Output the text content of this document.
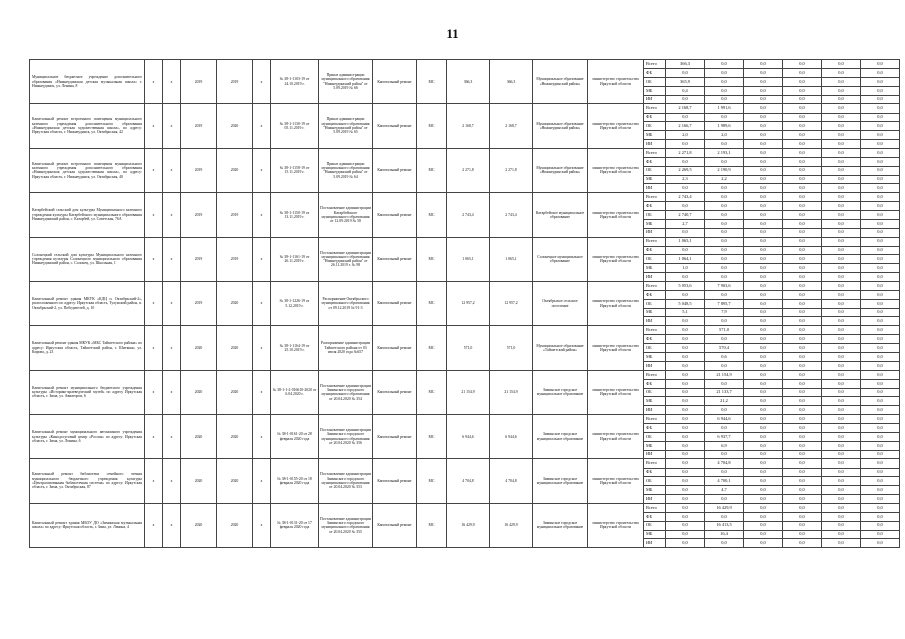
11
Муниципальное бюджетное учреждение дополнительного образования «Нижнеудинская детская музыкальная школа» г. Нижнеудинск, ул. Ленина, 8	х	х	2019	2019	х	№ 38-1-1103-19 от 24.10.2019 г.	Приказ администрации муниципального образования "Нижнеудинский район" от 5.09.2019 № 66	Капитальный ремонт	МС	366,3	366,3	Муниципальное образование «Нижнеудинский район»	министерство строительства Иркутской области	Всего	366,3	0,0	0,0	0,0	0,0	0,0
														ФБ	0,0	0,0	0,0	0,0	0,0	0,0
														ОБ	365,9	0,0	0,0	0,0	0,0	0,0
														МБ	0,4	0,0	0,0	0,0	0,0	0,0
														ИИ	0,0	0,0	0,0	0,0	0,0	0,0
Капитальный ремонт встроенного помещения муниципального казенного учреждения дополнительного образования «Нижнеудинская детская художественная школа», по адресу: Иркутская область, г. Нижнеудинск, ул. Октябрьская, 42	х	х	2019	2020	х	№ 38-1-1130-19 от 05.11.2019 г.	Приказ администрации муниципального образования "Нижнеудинский район" от 5.09.2019 № 65	Капитальный ремонт	МС	2 168,7	2 168,7	Муниципальное образование «Нижнеудинский район»	министерство строительства Иркутской области	Всего	2 168,7	1 991,6	0,0	0,0	0,0	0,0
														ФБ	0,0	0,0	0,0	0,0	0,0	0,0
														ОБ	2 166,7	1 989,6	0,0	0,0	0,0	0,0
														МБ	2,0	2,0	0,0	0,0	0,0	0,0
														ИИ	0,0	0,0	0,0	0,0	0,0	0,0
Капитальный ремонт встроенного помещения муниципального казенного учреждения дополнительного образования «Нижнеудинская детская художественная школа», по адресу: Иркутская область, г. Нижнеудинск, ул. Октябрьская, 40	х	х	2019	2020	х	№ 38-1-1158-19 от 15.11.2019 г.	Приказ администрации муниципального образования "Нижнеудинский район" от 5.09.2019 № 64	Капитальный ремонт	МС	2 271,8	2 271,8	Муниципальное образование «Нижнеудинский район»	министерство строительства Иркутской области	Всего	2 271,8	2 193,1	0,0	0,0	0,0	0,0
														ФБ	0,0	0,0	0,0	0,0	0,0	0,0
														ОБ	2 269,5	2 190,9	0,0	0,0	0,0	0,0
														МБ	2,3	2,2	0,0	0,0	0,0	0,0
														ИИ	0,0	0,0	0,0	0,0	0,0	0,0
Катарбейский сельский дом культуры Муниципального казенного учреждения культуры Катарбейского муниципального образования Нижнеудинский район, с. Катарбей, ул. Советская, 76А	х	х	2019	2019	х	№ 38-1-1150-19 от 13.11.2019 г.	Постановление администрации Катарбейского муниципального образования от 12.09.2019 № 58	Капитальный ремонт	МС	2 743,4	2 743,4	Катарбейское муниципальное образование	министерство строительства Иркутской области	Всего	2 743,4	0,0	0,0	0,0	0,0	0,0
														ФБ	0,0	0,0	0,0	0,0	0,0	0,0
														ОБ	2 740,7	0,0	0,0	0,0	0,0	0,0
														МБ	2,7	0,0	0,0	0,0	0,0	0,0
														ИИ	0,0	0,0	0,0	0,0	0,0	0,0
Солонецкий сельский дом культуры Муниципального казенного учреждения культуры Солонецкого муниципального образования Нижнеудинский район, с. Солонец, ул. Школьная, 1	х	х	2019	2019	х	№ 38-1-1161-19 от 26.11.2019 г.	Постановление администрации муниципального образования "Нижнеудинский район" от 26.11.2019 г. № 98	Капитальный ремонт	МС	1 065,1	1 065,1	Солонецкое муниципальное образование	министерство строительства Иркутской области	Всего	1 065,1	0,0	0,0	0,0	0,0	0,0
														ФБ	0,0	0,0	0,0	0,0	0,0	0,0
														ОБ	1 064,1	0,0	0,0	0,0	0,0	0,0
														МБ	1,0	0,0	0,0	0,0	0,0	0,0
														ИИ	0,0	0,0	0,0	0,0	0,0	0,0
Капитальный ремонт здания МКУК «КДЦ п. Октябрьский-2», расположенного по адресу: Иркутская область, Тулунский район, п. Октябрьский-2, ул. Победителей, д. 10	х	х	2019	2020	х	№ 38-1-1226-19 от 5.12.2019 г.	Распоряжение Октябрьского муниципального образования от 09.12.2019 № 91-3	Капитальный ремонт	МС	12 957,2	12 957,2	Октябрьское сельское поселение	министерство строительства Иркутской области	Всего	5 053,6	7 903,6	0,0	0,0	0,0	0,0
														ФБ	0,0	0,0	0,0	0,0	0,0	0,0
														ОБ	5 048,5	7 895,7	0,0	0,0	0,0	0,0
														МБ	5,1	7,9	0,0	0,0	0,0	0,0
														ИИ	0,0	0,0	0,0	0,0	0,0	0,0
Капитальный ремонт здания МКУК «МБС Тайшетского района» по адресу: Иркутская область, Тайшетский район, г. Шиткино, ул. Кирова, д. 23	х	х	2020	2020	х	№ 38-1-1164-19 от 25.10.2019 г.	Распоряжение администрации Тайшетского района от 03 июля 2020 года №657	Капитальный ремонт	МС	571,0	571,0	Муниципальное образование «Тайшетский район»	министерство строительства Иркутской области	Всего	0,0	571,0	0,0	0,0	0,0	0,0
														ФБ	0,0	0,0	0,0	0,0	0,0	0,0
														ОБ	0,0	570,4	0,0	0,0	0,0	0,0
														МБ	0,0	0,6	0,0	0,0	0,0	0,0
														ИИ	0,0	0,0	0,0	0,0	0,0	0,0
Капитальный ремонт муниципального бюджетного учреждения культуры «Историко-краеведческий музей» по адресу Иркутская область, г. Зима, ул. Авиаторов, 6	х	х	2020	2020	х	№ 38-1-1-2-016610-2020 от 6.04.2020 г.	Постановление администрации Зиминского городского муниципального образования от 20.04.2020 № 354	Капитальный ремонт	МС	21 154,9	21 154,9	Зиминское городское муниципальное образование	министерство строительства Иркутской области	Всего	0,0	21 154,9	0,0	0,0	0,0	0,0
														ФБ	0,0	0,0	0,0	0,0	0,0	0,0
														ОБ	0,0	21 133,7	0,0	0,0	0,0	0,0
														МБ	0,0	21,2	0,0	0,0	0,0	0,0
														ИИ	0,0	0,0	0,0	0,0	0,0	0,0
Капитальный ремонт муниципального автономного учреждения культуры «Кинодосуговый центр «Россия» по адресу: Иркутская область, г. Зима, ул. Ленина, 6	х	х	2020	2020	х	№ 38-1-0161-20 от 28 февраля 2020 года	Постановление администрации Зиминского городского муниципального образования от 20.04.2020 № 356	Капитальный ремонт	МС	6 944,6	6 944,6	Зиминское городское муниципальное образование	министерство строительства Иркутской области	Всего	0,0	6 944,6	0,0	0,0	0,0	0,0
														ФБ	0,0	0,0	0,0	0,0	0,0	0,0
														ОБ	0,0	6 937,7	0,0	0,0	0,0	0,0
														МБ	0,0	6,9	0,0	0,0	0,0	0,0
														ИИ	0,0	0,0	0,0	0,0	0,0	0,0
Капитальный ремонт библиотеки семейного чтения муниципального бюджетного учреждения культуры «Централизованная библиотечная система» по адресу: Иркутская область, г. Зима, ул. Октябрьская, 87	х	х	2020	2020	х	№ 38-1-0155-20 от 18 февраля 2020 года	Постановление администрации Зиминского городского муниципального образования от 20.04.2020 № 353	Капитальный ремонт	МС	4 704,8	4 704,8	Зиминское городское муниципальное образование	министерство строительства Иркутской области	Всего	0,0	4 704,8	0,0	0,0	0,0	0,0
														ФБ	0,0	0,0	0,0	0,0	0,0	0,0
														ОБ	0,0	4 700,1	0,0	0,0	0,0	0,0
														МБ	0,0	4,7	0,0	0,0	0,0	0,0
														ИИ	0,0	0,0	0,0	0,0	0,0	0,0
Капитальный ремонт здания МБОУ ДО «Зиминская музыкальная школа» по адресу: Иркутская область, г. Зима, ул. Ленина, 4	х	х	2020	2020	х	№ 38-1-0131-20 от 17 февраля 2020 года	Постановление администрации Зиминского городского муниципального образования от 20.04.2020 № 355	Капитальный ремонт	МС	16 429,9	16 429,9	Зиминское городское муниципальное образование	министерство строительства Иркутской области	Всего	0,0	16 429,9	0,0	0,0	0,0	0,0
														ФБ	0,0	0,0	0,0	0,0	0,0	0,0
														ОБ	0,0	16 413,5	0,0	0,0	0,0	0,0
														МБ	0,0	16,4	0,0	0,0	0,0	0,0
														ИИ	0,0	0,0	0,0	0,0	0,0	0,0
